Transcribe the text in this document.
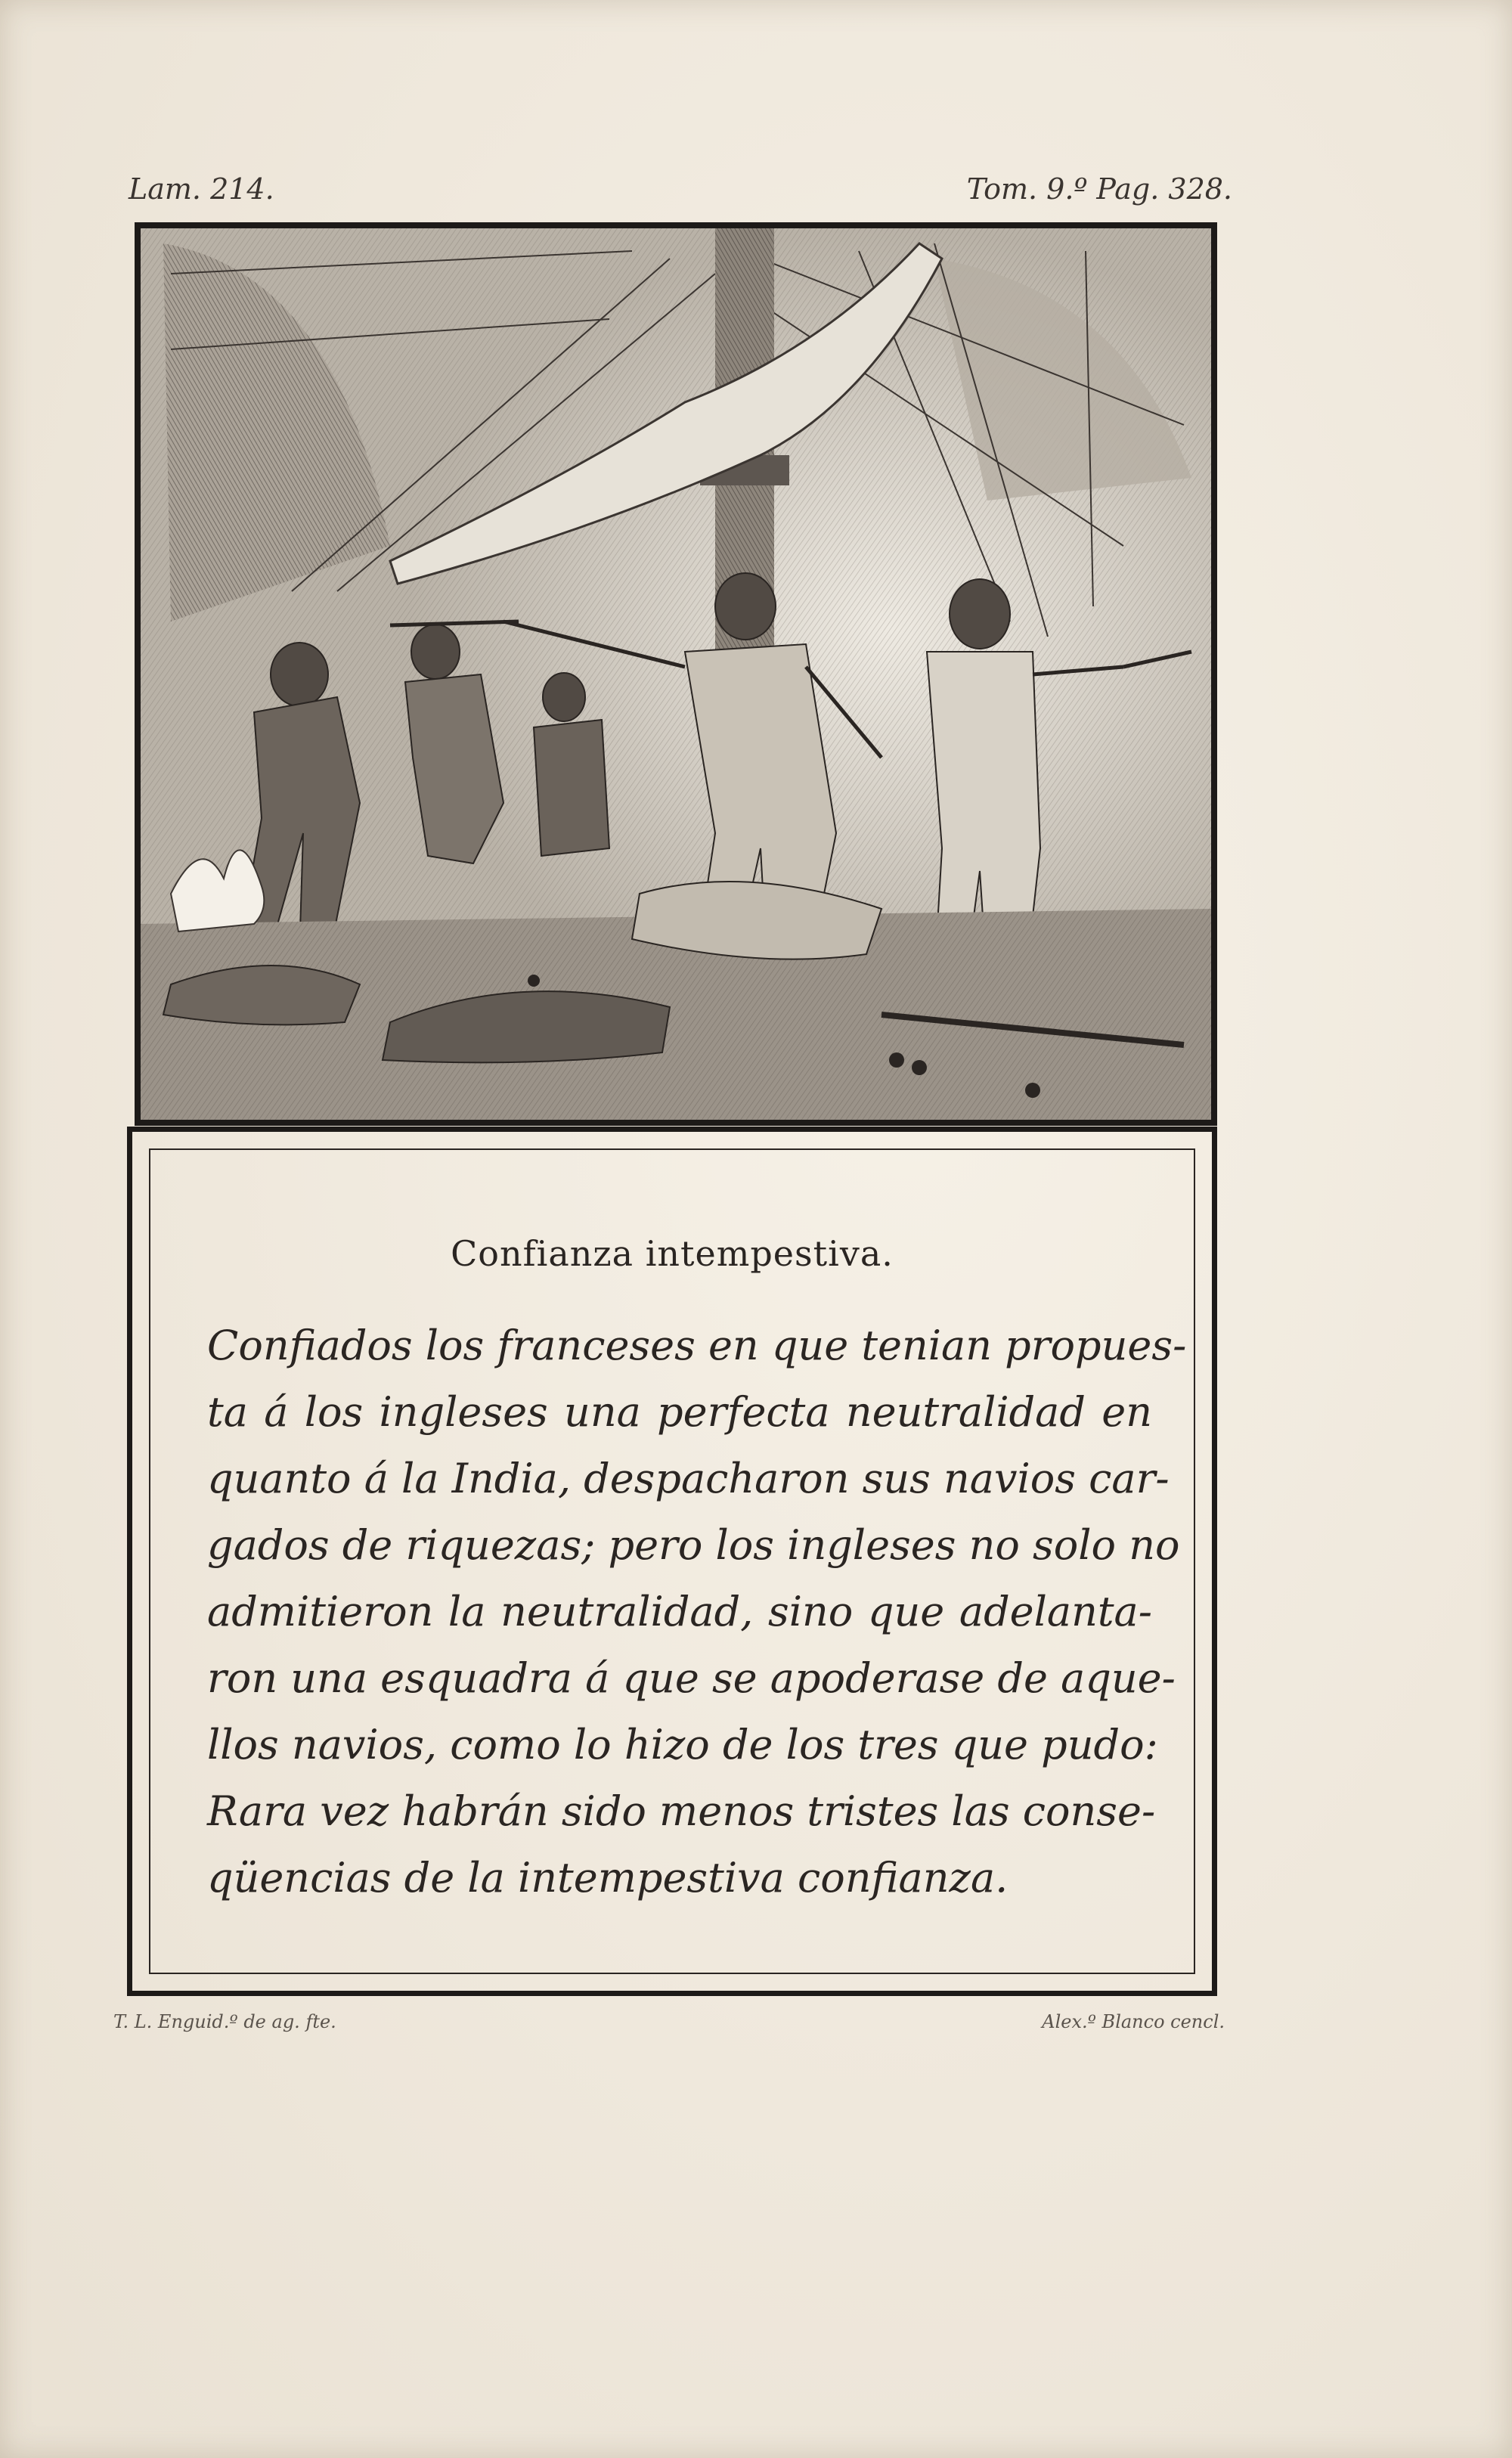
Lam. 214.	Tom. 9.º Pag. 328.
Confianza intempestiva.
Confiados los franceses en que tenian propues-
ta á los ingleses una perfecta neutralidad en
quanto á la India, despacharon sus navios car-
gados de riquezas; pero los ingleses no solo no
admitieron la neutralidad, sino que adelanta-
ron una esquadra á que se apoderase de aque-
llos navios, como lo hizo de los tres que pudo:
Rara vez habrán sido menos tristes las conse-
qüencias de la intempestiva confianza.
T. L. Enguid.º de ag. fte.	Alex.º Blanco cencl.
